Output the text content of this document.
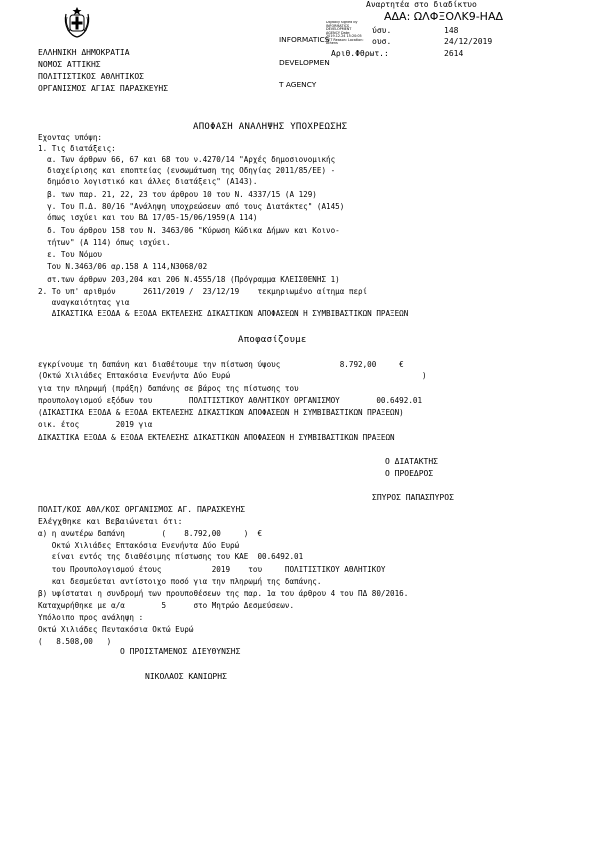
Αναρτητέα στο διαδίκτυο
ΑΔΑ: ΩΛΦΞΟΛΚ9-ΗΑΔ

INFORMATICS

DEVELOPMEN

T AGENCY

Digitally signed by INFORMATICS DEVELOPMENT AGENCY Date: 2019.12.24 15:20:05 EET Reason: Location: Athens
ύσυ.	148
ουσ.	24/12/2019
Αριθ.Φθρωτ.:	2614
ΕΛΛΗΝΙΚΗ ΔΗΜΟΚΡΑΤΙΑ
ΝΟΜΟΣ ΑΤΤΙΚΗΣ
ΠΟΛΙΤΙΣΤΙΚΟΣ ΑΘΛΗΤΙΚΟΣ
ΟΡΓΑΝΙΣΜΟΣ ΑΓΙΑΣ ΠΑΡΑΣΚΕΥΗΣ
ΑΠΟΦΑΣΗ ΑΝΑΛΗΨΗΣ ΥΠΟΧΡΕΩΣΗΣ
Εχοντας υπόψη:
1. Τις διατάξεις:
α. Των άρθρων 66, 67 και 68 του ν.4270/14 "Αρχές δημοσιονομικής
διαχείρισης και εποπτείας (ενσωμάτωση της Οδηγίας 2011/85/ΕΕ) -
δημόσιο λογιστικό και άλλες διατάξεις" (Α143).
β. των παρ. 21, 22, 23 του άρθρου 10 του Ν. 4337/15 (Α 129)
γ. Του Π.Δ. 80/16 "Ανάληψη υποχρεώσεων από τους Διατάκτες" (Α145)
όπως ισχύει και του ΒΔ 17/05-15/06/1959(Α 114)
δ. Του άρθρου 158 του Ν. 3463/06 "Κύρωση Κώδικα Δήμων και Κοινο-
τήτων" (Α 114) όπως ισχύει.
ε. Του Νόμου
Του Ν.3463/06 αρ.158 Α 114,Ν3068/02
στ.των άρθρων 203,204 και 206 Ν.4555/18 (Πρόγραμμα ΚΛΕΙΣΘΕΝΗΣ 1)
2. Το υπ' αριθμόν      2611/2019 /  23/12/19    τεκμηριωμένο αίτημα περί
αναγκαιότητας για
ΔΙΚΑΣΤΙΚΑ ΕΞΟΔΑ & ΕΞΟΔΑ ΕΚΤΕΛΕΣΗΣ ΔΙΚΑΣΤΙΚΩΝ ΑΠΟΦΑΣΕΩΝ Η ΣΥΜΒΙΒΑΣΤΙΚΩΝ ΠΡΑΞΕΩΝ
Αποφασίζουμε
εγκρίνουμε τη δαπάνη και διαθέτουμε την πίστωση ύψους             8.792,00     €
(Οκτώ Χιλιάδες Επτακόσια Ενενήντα Δύο Ευρώ                                          )
για την πληρωμή (πράξη) δαπάνης σε βάρος της πίστωσης του
προυπολογισμού εξόδων του        ΠΟΛΙΤΙΣΤΙΚΟΥ ΑΘΛΗΤΙΚΟΥ ΟΡΓΑΝΙΣΜΟΥ        00.6492.01
(ΔΙΚΑΣΤΙΚΑ ΕΞΟΔΑ & ΕΞΟΔΑ ΕΚΤΕΛΕΣΗΣ ΔΙΚΑΣΤΙΚΩΝ ΑΠΟΦΑΣΕΩΝ Η ΣΥΜΒΙΒΑΣΤΙΚΩΝ ΠΡΑΞΕΩΝ)
οικ. έτος        2019 για
ΔΙΚΑΣΤΙΚΑ ΕΞΟΔΑ & ΕΞΟΔΑ ΕΚΤΕΛΕΣΗΣ ΔΙΚΑΣΤΙΚΩΝ ΑΠΟΦΑΣΕΩΝ Η ΣΥΜΒΙΒΑΣΤΙΚΩΝ ΠΡΑΞΕΩΝ
Ο ΔΙΑΤΑΚΤΗΣ
Ο ΠΡΟΕΔΡΟΣ
ΣΠΥΡΟΣ ΠΑΠΑΣΠΥΡΟΣ
ΠΟΛΙΤ/ΚΟΣ ΑΘΛ/ΚΟΣ ΟΡΓΑΝΙΣΜΟΣ ΑΓ. ΠΑΡΑΣΚΕΥΗΣ
Ελέγχθηκε και Βεβαιώνεται ότι:
α) η ανωτέρω δαπάνη        (    8.792,00     )  €
Οκτώ Χιλιάδες Επτακόσια Ενενήντα Δύο Ευρώ
είναι εντός της διαθέσιμης πίστωσης του ΚΑΕ  00.6492.01
του Προυπολογισμού έτους           2019    του     ΠΟΛΙΤΙΣΤΙΚΟΥ ΑΘΛΗΤΙΚΟΥ
και δεσμεύεται αντίστοιχο ποσό για την πληρωμή της δαπάνης.
β) υφίσταται η συνδρομή των προυποθέσεων της παρ. 1α του άρθρου 4 του ΠΔ 80/2016.
Καταχωρήθηκε με α/α        5      στο Μητρώο Δεσμεύσεων.
Υπόλοιπο προς ανάληψη :
Οκτώ Χιλιάδες Πεντακόσια Οκτώ Ευρώ
(   8.508,00   )
Ο ΠΡΟΙΣΤΑΜΕΝΟΣ ΔΙΕΥΘΥΝΣΗΣ
ΝΙΚΟΛΑΟΣ ΚΑΝΙΩΡΗΣ
